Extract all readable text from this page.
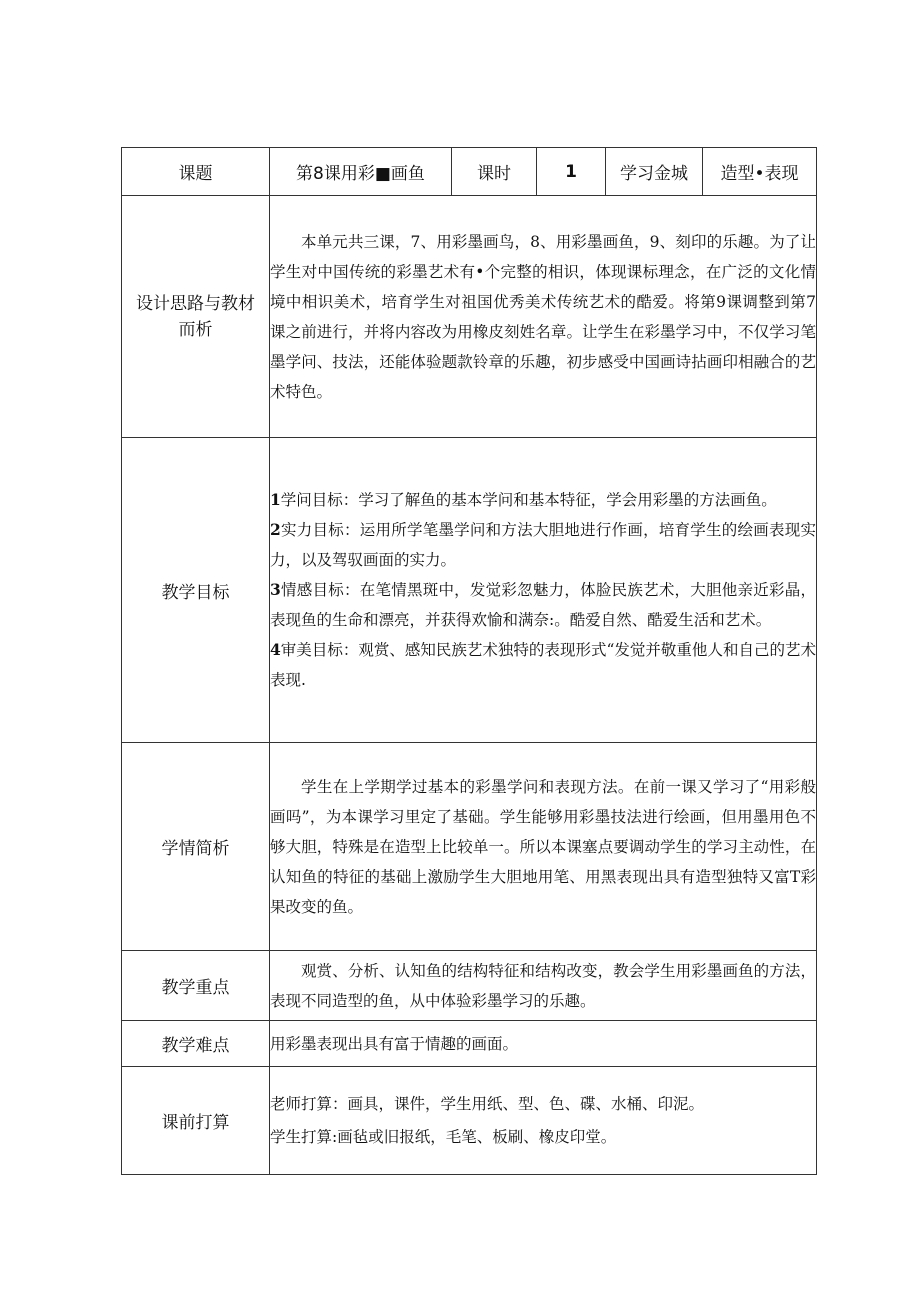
课题	第8课用彩■画鱼	课时	1	学习金城	造型•表现

设计思路与教材而析	本单元共三课，7、用彩墨画鸟，8、用彩墨画鱼，9、刻印的乐趣。为了让学生对中国传统的彩墨艺术有•个完整的相识，体现课标理念，在广泛的文化情境中相识美术，培育学生对祖国优秀美术传统艺术的酷爱。将第9课调整到第7课之前进行，并将内容改为用橡皮刻姓名章。让学生在彩墨学习中，不仅学习笔墨学问、技法，还能体验题款铃章的乐趣，初步感受中国画诗拈画印相融合的艺术特色。				

教学目标	1学问目标：学习了解鱼的基本学问和基本特征，学会用彩墨的方法画鱼。

2实力目标：运用所学笔墨学问和方法大胆地进行作画，培育学生的绘画表现实力，以及驾驭画面的实力。

3情感目标：在笔情黑斑中，发觉彩忽魅力，体脸民族艺术，大胆他亲近彩晶，表现鱼的生命和漂亮，并获得欢愉和满奈:。酷爱自然、酷爱生活和艺术。

4审美目标：观赏、感知民族艺术独特的表现形式“发觉并敬重他人和自己的艺术表现.				

学情简析	学生在上学期学过基本的彩墨学问和表现方法。在前一课又学习了“用彩般画吗”，为本课学习里定了基础。学生能够用彩墨技法进行绘画，但用墨用色不够大胆，特殊是在造型上比较单一。所以本课塞点要调动学生的学习主动性，在认知鱼的特征的基础上激励学生大胆地用笔、用黑表现出具有造型独特又富T彩果改变的鱼。				

教学重点	观赏、分析、认知鱼的结构特征和结构改变，教会学生用彩墨画鱼的方法，表现不同造型的鱼，从中体验彩墨学习的乐趣。				

教学难点	用彩墨表现出具有富于情趣的画面。				

课前打算	老师打算：画具，课件，学生用纸、型、色、碟、水桶、印泥。

学生打算:画毡或旧报纸，毛笔、板刷、橡皮印堂。				
